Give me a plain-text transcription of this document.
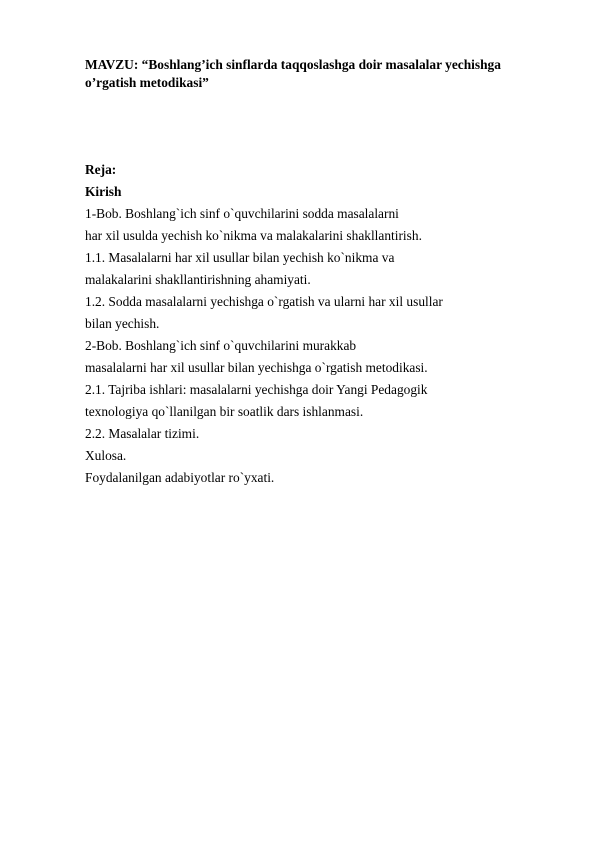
MAVZU: “Boshlang’ich sinflarda taqqoslashga doir masalalar yechishga
o’rgatish metodikasi”
Reja:
Kirish
1-Bob. Boshlang`ich sinf o`quvchilarini sodda masalalarni
har xil usulda yechish ko`nikma va malakalarini shakllantirish.
1.1. Masalalarni har xil usullar bilan yechish ko`nikma va
malakalarini shakllantirishning ahamiyati.
1.2. Sodda masalalarni yechishga o`rgatish va ularni har xil usullar
bilan yechish.
2-Bob. Boshlang`ich sinf o`quvchilarini murakkab
masalalarni har xil usullar bilan yechishga o`rgatish metodikasi.
2.1. Tajriba ishlari: masalalarni yechishga doir Yangi Pedagogik
texnologiya qo`llanilgan bir soatlik dars ishlanmasi.
2.2. Masalalar tizimi.
Xulosa.
Foydalanilgan adabiyotlar ro`yxati.
